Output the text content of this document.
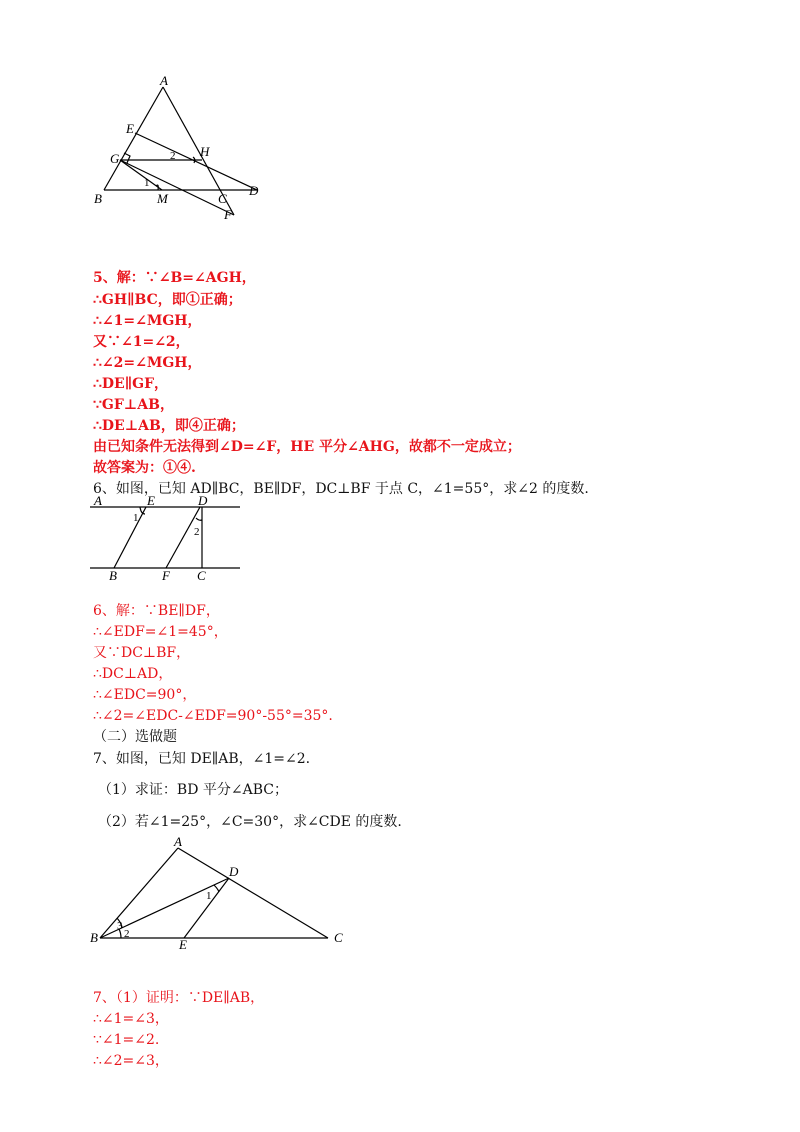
A
E
G	H
B	M	C
D
F
1
2
5、解：∵∠B=∠AGH，
∴GH∥BC，即①正确；
∴∠1=∠MGH，
又∵∠1=∠2，
∴∠2=∠MGH，
∴DE∥GF，
∵GF⊥AB，
∴DE⊥AB，即④正确；
由已知条件无法得到∠D=∠F，HE 平分∠AHG，故都不一定成立；
故答案为：①④.
6、如图，已知 AD∥BC，BE∥DF，DC⊥BF 于点 C，∠1=55°，求∠2 的度数.
A	E	D
B	F C
1
2
6、解：∵BE∥DF，
∴∠EDF=∠1=45°，
又∵DC⊥BF，
∴DC⊥AD，
∴∠EDC=90°，
∴∠2=∠EDC-∠EDF=90°-55°=35°.
（二）选做题
7、如图，已知 DE∥AB，∠1=∠2.
（1）求证：BD 平分∠ABC；
（2）若∠1=25°，∠C=30°，求∠CDE 的度数.
A
D
B	E	C
1
2
3
7、（1）证明：∵DE∥AB，
∴∠1=∠3，
∵∠1=∠2.
∴∠2=∠3，
